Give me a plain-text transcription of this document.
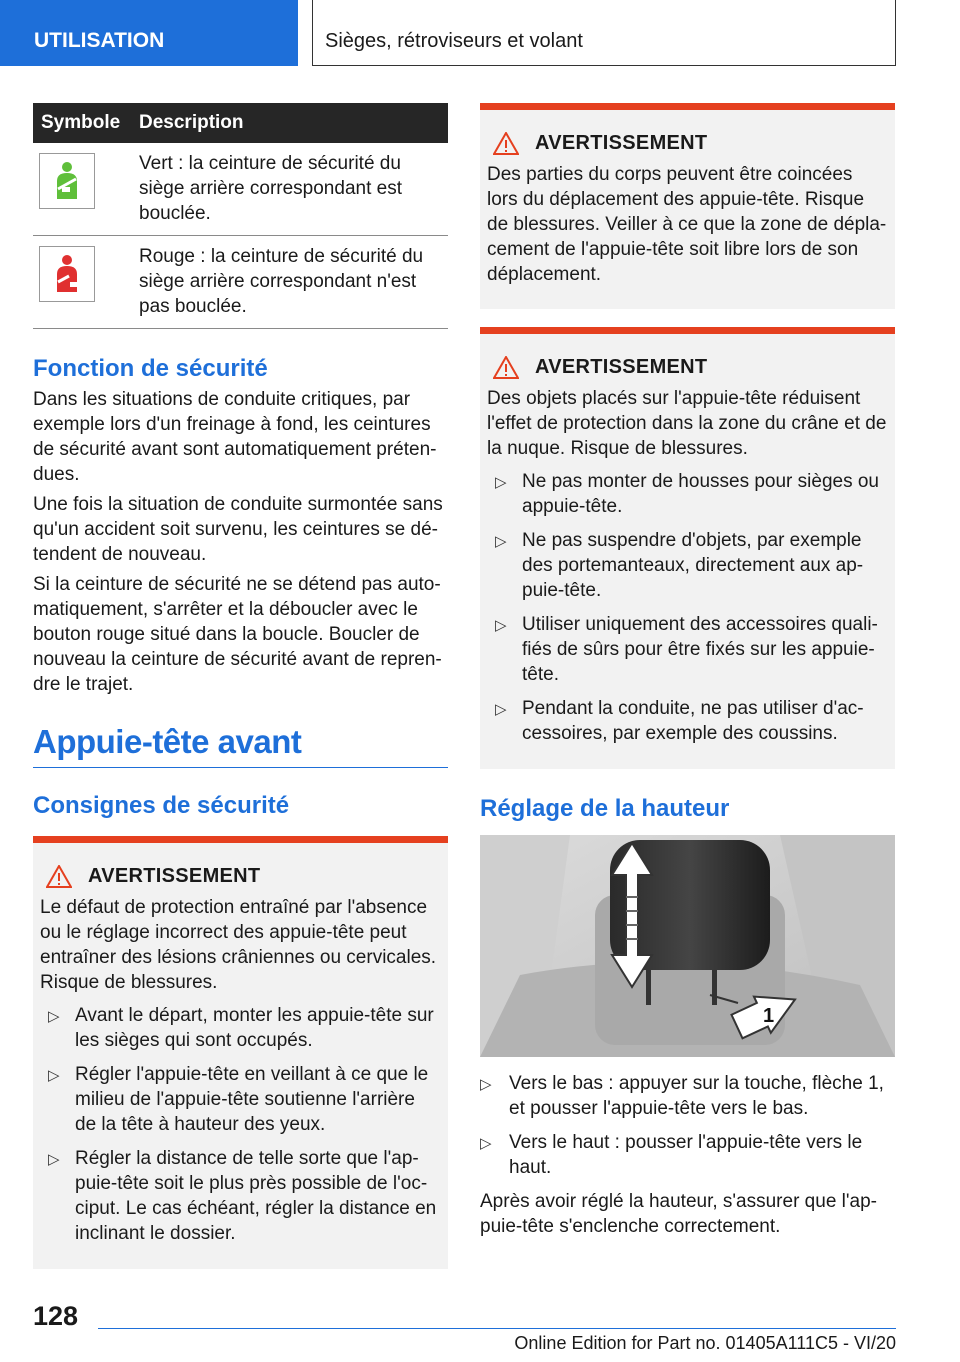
UTILISATION	Sièges, rétroviseurs et volant
Symbole	Description

	Vert : la ceinture de sécurité du siège arrière correspondant est bouclée.

	Rouge : la ceinture de sécurité du siège arrière correspondant n'est pas bouclée.
Fonction de sécurité

Dans les situations de conduite critiques, par exemple lors d'un freinage à fond, les ceintures de sécurité avant sont automatiquement préten‐ dues.

Une fois la situation de conduite surmontée sans qu'un accident soit survenu, les ceintures se dé‐ tendent de nouveau.

Si la ceinture de sécurité ne se détend pas auto‐ matiquement, s'arrêter et la déboucler avec le bouton rouge situé dans la boucle. Boucler de nouveau la ceinture de sécurité avant de repren‐ dre le trajet.

Appuie-tête avant
Consignes de sécurité
AVERTISSEMENT

Le défaut de protection entraîné par l'absence ou le réglage incorrect des appuie-tête peut entraîner des lésions crâniennes ou cervicales. Risque de blessures.

▷ Avant le départ, monter les appuie-tête sur les sièges qui sont occupés.
▷ Régler l'appuie-tête en veillant à ce que le milieu de l'appuie-tête soutienne l'arrière de la tête à hauteur des yeux.
▷ Régler la distance de telle sorte que l'ap‐ puie-tête soit le plus près possible de l'oc‐ ciput. Le cas échéant, régler la distance en inclinant le dossier.
AVERTISSEMENT

Des parties du corps peuvent être coincées lors du déplacement des appuie-tête. Risque de blessures. Veiller à ce que la zone de dépla‐ cement de l'appuie-tête soit libre lors de son déplacement.

AVERTISSEMENT

Des objets placés sur l'appuie-tête réduisent l'effet de protection dans la zone du crâne et de la nuque. Risque de blessures.

▷ Ne pas monter de housses pour sièges ou appuie-tête.
▷ Ne pas suspendre d'objets, par exemple des portemanteaux, directement aux ap‐ puie-tête.
▷ Utiliser uniquement des accessoires quali‐ fiés de sûrs pour être fixés sur les appuie- tête.
▷ Pendant la conduite, ne pas utiliser d'ac‐ cessoires, par exemple des coussins.
Réglage de la hauteur
1
▷ Vers le bas : appuyer sur la touche, flèche 1, et pousser l'appuie-tête vers le bas.
▷ Vers le haut : pousser l'appuie-tête vers le haut.

Après avoir réglé la hauteur, s'assurer que l'ap‐ puie-tête s'enclenche correctement.

128
Online Edition for Part no. 01405A111C5 - VI/20
